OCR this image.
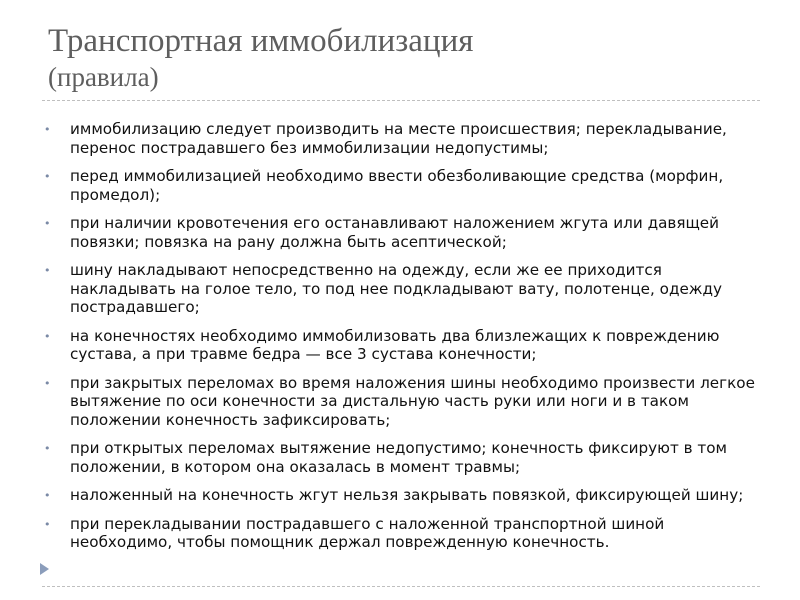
Транспортная иммобилизация
(правила)
•	иммобилизацию следует производить на месте происшествия; перекладывание, перенос пострадавшего без иммобилизации недопустимы;
•	перед иммобилизацией необходимо ввести обезболивающие средства (морфин, промедол);
•	при наличии кровотечения его останавливают наложением жгута или давящей повязки; повязка на рану должна быть асептической;
•	шину накладывают непосредственно на одежду, если же ее приходится накладывать на голое тело, то под нее подкладывают вату, полотенце, одежду пострадавшего;
•	на конечностях необходимо иммобилизовать два близлежащих к повреждению сустава, а при травме бедра — все 3 сустава конечности;
•	при закрытых переломах во время наложения шины необходимо произвести легкое вытяжение по оси конечности за дистальную часть руки или ноги и в таком положении конечность зафиксировать;
•	при открытых переломах вытяжение недопустимо; конечность фиксируют в том положении, в котором она оказалась в момент травмы;
•	наложенный на конечность жгут нельзя закрывать повязкой, фиксирующей шину;
•	при перекладывании пострадавшего с наложенной транспортной шиной необходимо, чтобы помощник держал поврежденную конечность.
